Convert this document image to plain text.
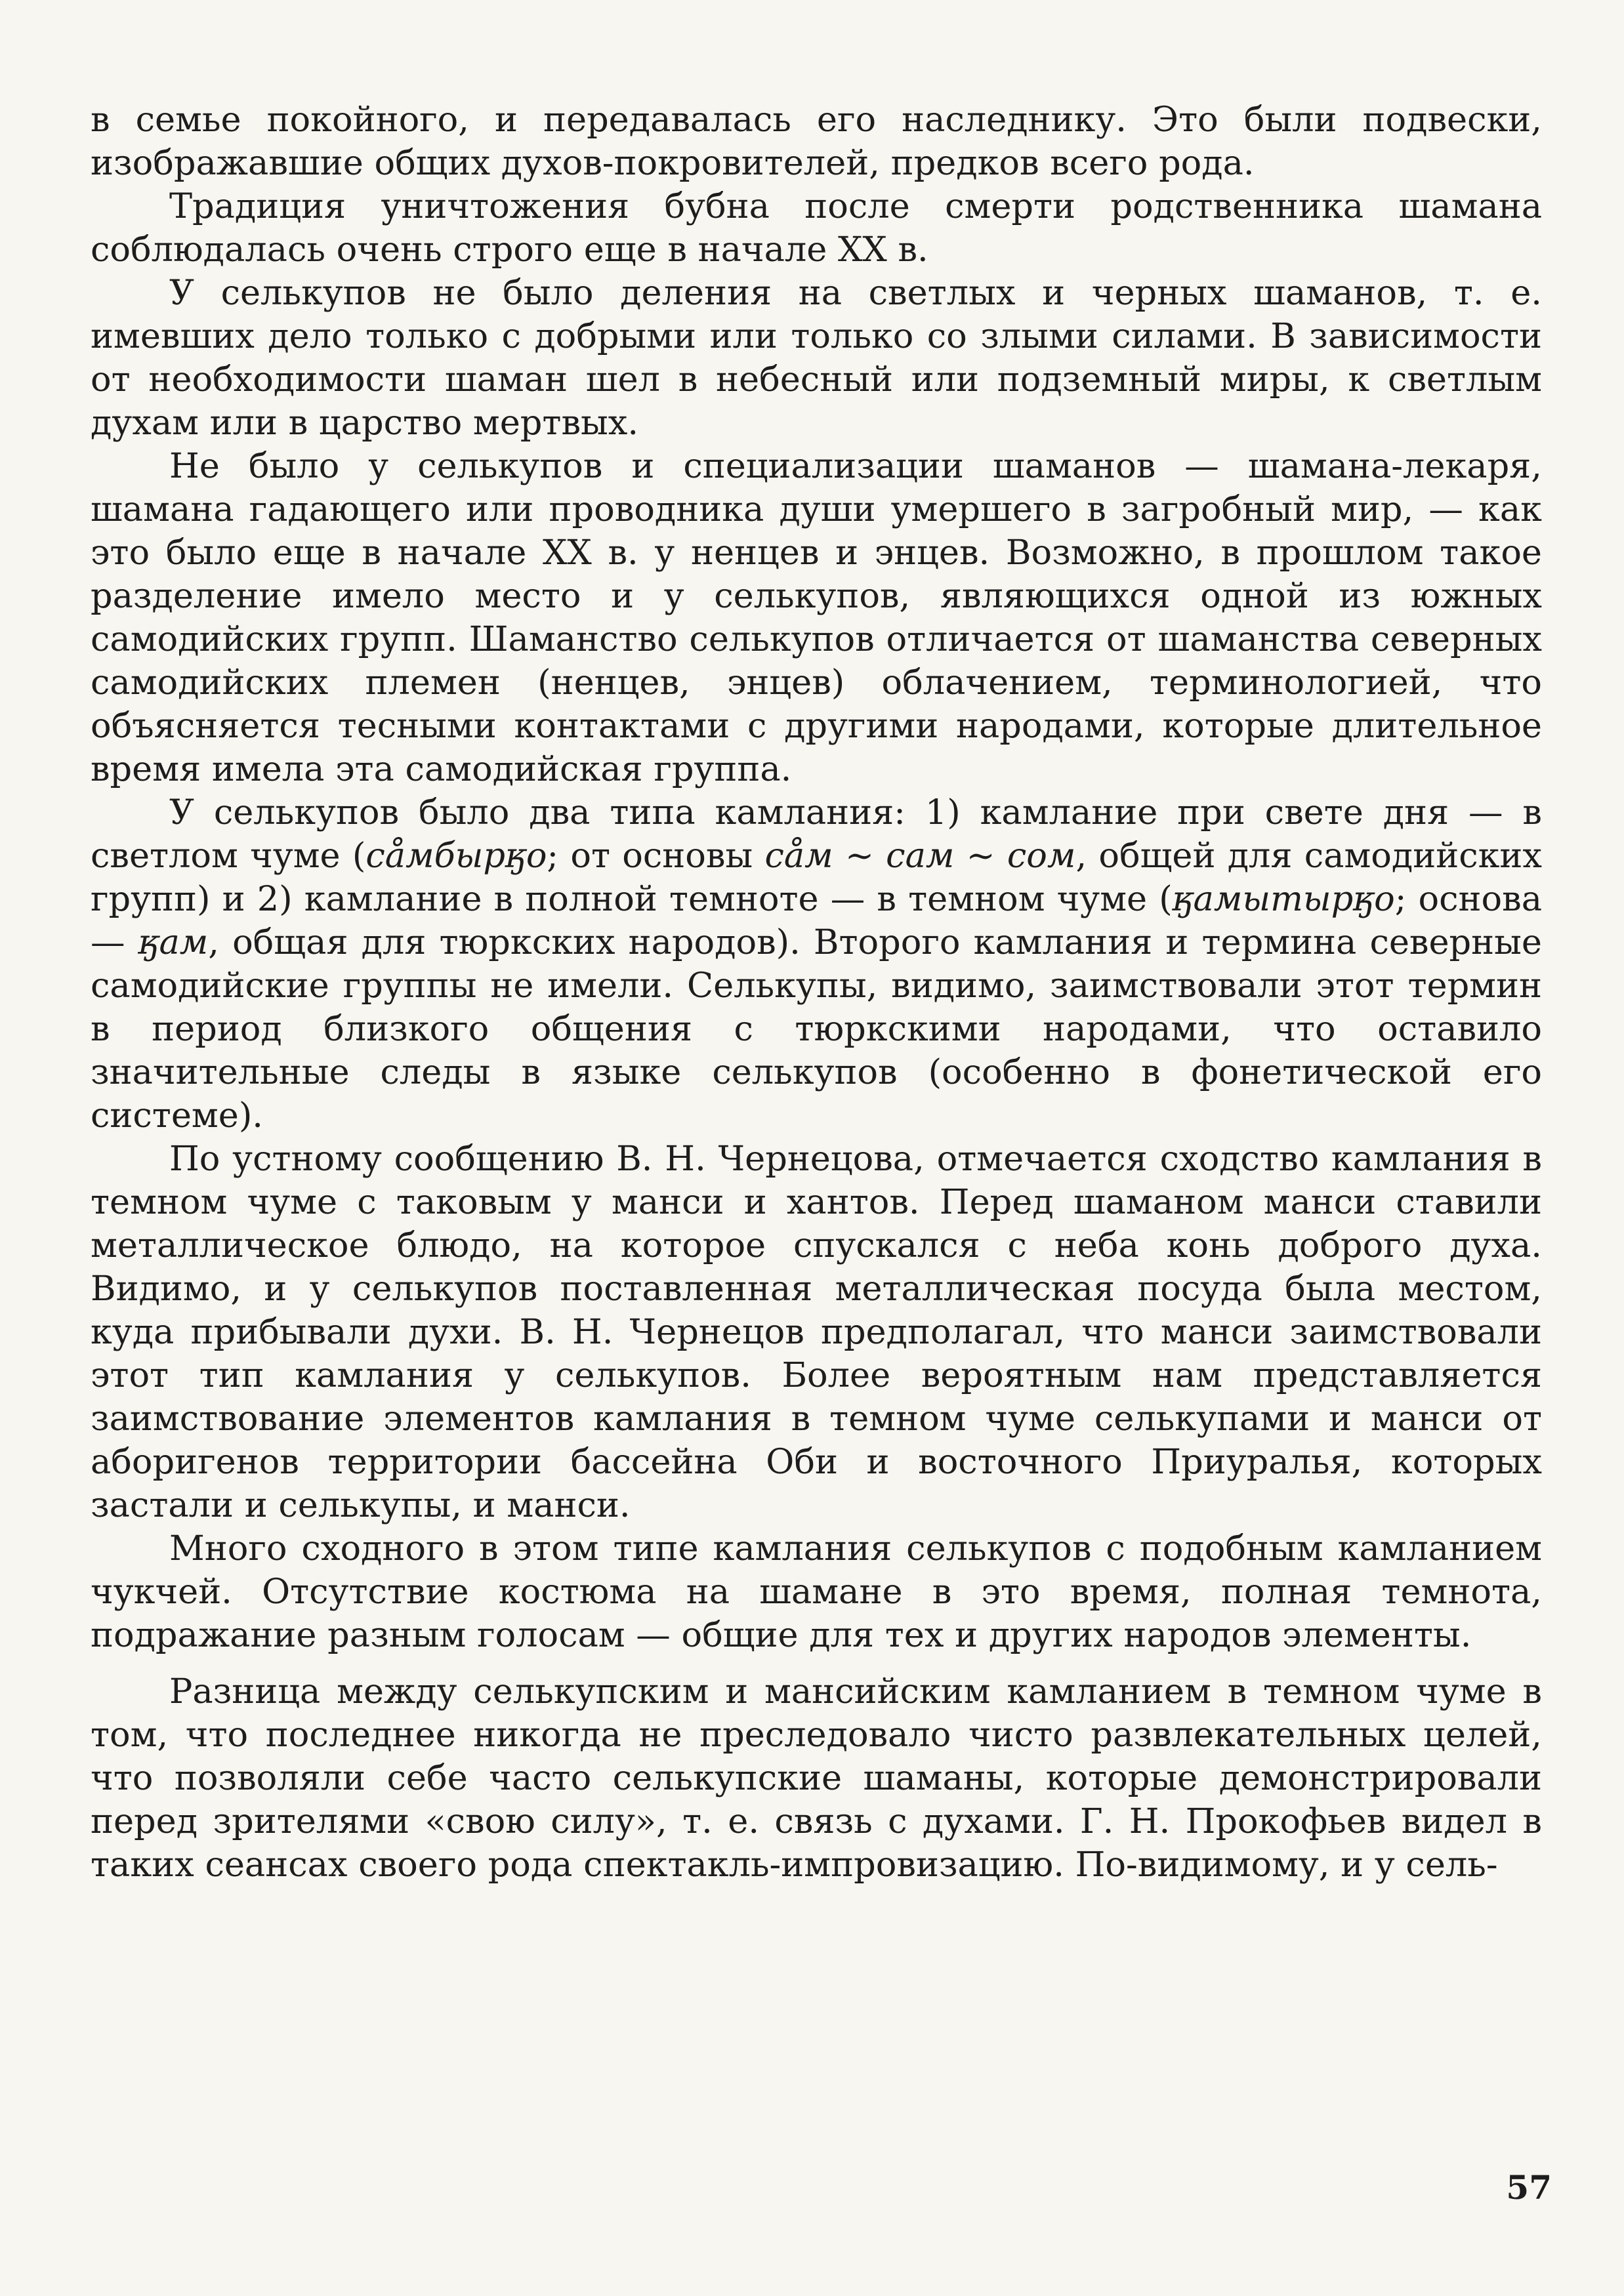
в семье покойного, и передавалась его наследнику. Это были подвески, изображавшие общих духов-покровителей, предков всего рода.

Традиция уничтожения бубна после смерти родственника шамана соблюдалась очень строго еще в начале XX в.

У селькупов не было деления на светлых и черных шаманов, т. е. имевших дело только с добрыми или только со злыми силами. В зависимости от необходимости шаман шел в небесный или подземный миры, к светлым духам или в царство мертвых.

Не было у селькупов и специализации шаманов — шамана-лекаря, шамана гадающего или проводника души умершего в загробный мир, — как это было еще в начале XX в. у ненцев и энцев. Возможно, в прошлом такое разделение имело место и у селькупов, являющихся одной из южных самодийских групп. Шаманство селькупов отличается от шаманства северных самодийских племен (ненцев, энцев) облачением, терминологией, что объясняется тесными контактами с другими народами, которые длительное время имела эта самодийская группа.

У селькупов было два типа камлания: 1) камлание при свете дня — в светлом чуме (са̊мбырӄо; от основы са̊м ∼ сам ∼ сом, общей для самодийских групп) и 2) камлание в полной темноте — в темном чуме (ӄамытырӄо; основа — ӄам, общая для тюркских народов). Второго камлания и термина северные самодийские группы не имели. Селькупы, видимо, заимствовали этот термин в период близкого общения с тюркскими народами, что оставило значительные следы в языке селькупов (особенно в фонетической его системе).

По устному сообщению В. Н. Чернецова, отмечается сходство камлания в темном чуме с таковым у манси и хантов. Перед шаманом манси ставили металлическое блюдо, на которое спускался с неба конь доброго духа. Видимо, и у селькупов поставленная металлическая посуда была местом, куда прибывали духи. В. Н. Чернецов предполагал, что манси заимствовали этот тип камлания у селькупов. Более вероятным нам представляется заимствование элементов камлания в темном чуме селькупами и манси от аборигенов территории бассейна Оби и восточного Приуралья, которых застали и селькупы, и манси.

Много сходного в этом типе камлания селькупов с подобным камланием чукчей. Отсутствие костюма на шамане в это время, полная темнота, подражание разным голосам — общие для тех и других народов элементы.

Разница между селькупским и мансийским камланием в темном чуме в том, что последнее никогда не преследовало чисто развлекательных целей, что позволяли себе часто селькупские шаманы, которые демонстрировали перед зрителями «свою силу», т. е. связь с духами. Г. Н. Прокофьев видел в таких сеансах своего рода спектакль-импровизацию. По-видимому, и у сель-

57
